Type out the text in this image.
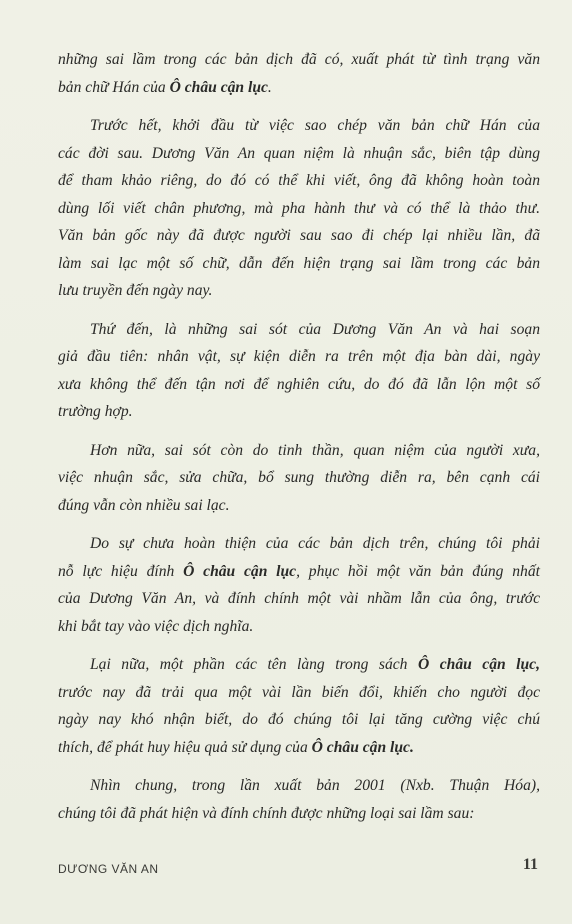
những sai lầm trong các bản dịch đã có, xuất phát từ tình trạng văn
bản chữ Hán của Ô châu cận lục.

Trước hết, khởi đầu từ việc sao chép văn bản chữ Hán của
các đời sau. Dương Văn An quan niệm là nhuận sắc, biên tập dùng
để tham khảo riêng, do đó có thể khi viết, ông đã không hoàn toàn
dùng lối viết chân phương, mà pha hành thư và có thể là thảo thư.
Văn bản gốc này đã được người sau sao đi chép lại nhiều lần, đã
làm sai lạc một số chữ, dẫn đến hiện trạng sai lầm trong các bản
lưu truyền đến ngày nay.

Thứ đến, là những sai sót của Dương Văn An và hai soạn
giả đầu tiên: nhân vật, sự kiện diễn ra trên một địa bàn dài, ngày
xưa không thể đến tận nơi để nghiên cứu, do đó đã lẫn lộn một số
trường hợp.

Hơn nữa, sai sót còn do tinh thần, quan niệm của người xưa,
việc nhuận sắc, sửa chữa, bổ sung thường diễn ra, bên cạnh cái
đúng vẫn còn nhiều sai lạc.

Do sự chưa hoàn thiện của các bản dịch trên, chúng tôi phải
nỗ lực hiệu đính Ô châu cận lục, phục hồi một văn bản đúng nhất
của Dương Văn An, và đính chính một vài nhầm lẫn của ông, trước
khi bắt tay vào việc dịch nghĩa.

Lại nữa, một phần các tên làng trong sách Ô châu cận lục,
trước nay đã trải qua một vài lần biến đổi, khiến cho người đọc
ngày nay khó nhận biết, do đó chúng tôi lại tăng cường việc chú
thích, để phát huy hiệu quả sử dụng của Ô châu cận lục.

Nhìn chung, trong lần xuất bản 2001 (Nxb. Thuận Hóa),
chúng tôi đã phát hiện và đính chính được những loại sai lầm sau:

DƯƠNG VĂN AN	11
